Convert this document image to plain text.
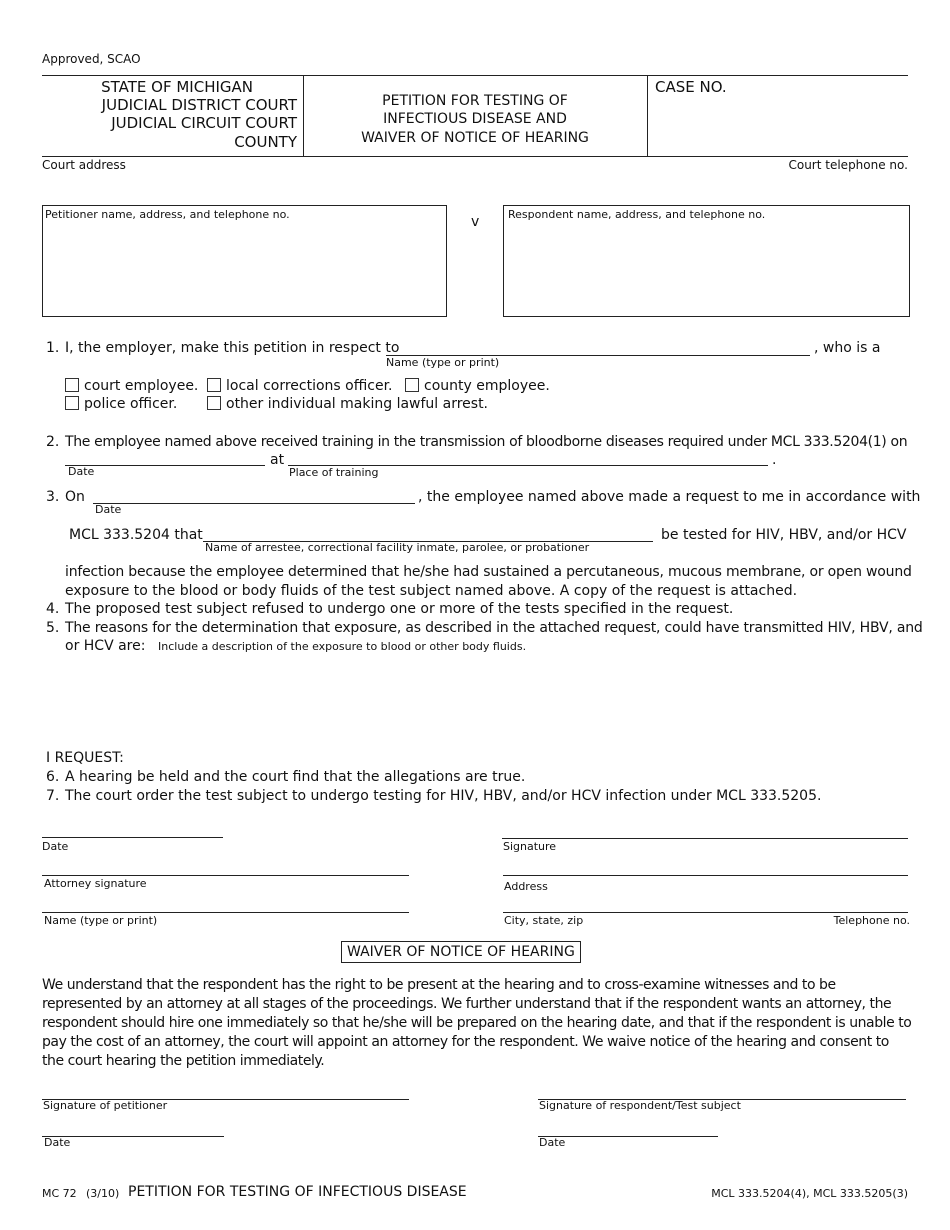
Approved, SCAO
STATE OF MICHIGAN
JUDICIAL DISTRICT COURT
JUDICIAL CIRCUIT COURT
COUNTY
PETITION FOR TESTING OF
INFECTIOUS DISEASE AND
WAIVER OF NOTICE OF HEARING
CASE NO.
Court address	Court telephone no.
Petitioner name, address, and telephone no.	v	Respondent name, address, and telephone no.
1. I, the employer, make this petition in respect to	, who is a
Name (type or print)
court employee.	local corrections officer.	county employee.
police officer.	other individual making lawful arrest.
2. The employee named above received training in the transmission of bloodborne diseases required under MCL 333.5204(1) on
at	.
Date	Place of training
3. On	, the employee named above made a request to me in accordance with
Date
MCL 333.5204 that	be tested for HIV, HBV, and/or HCV
Name of arrestee, correctional facility inmate, parolee, or probationer
infection because the employee determined that he/she had sustained a percutaneous, mucous membrane, or open wound
exposure to the blood or body fluids of the test subject named above. A copy of the request is attached.
4. The proposed test subject refused to undergo one or more of the tests specified in the request.
5. The reasons for the determination that exposure, as described in the attached request, could have transmitted HIV, HBV, and
or HCV are: Include a description of the exposure to blood or other body fluids.
I REQUEST:
6. A hearing be held and the court find that the allegations are true.
7. The court order the test subject to undergo testing for HIV, HBV, and/or HCV infection under MCL 333.5205.
Date	Signature
Attorney signature	Address
Name (type or print)	City, state, zip	Telephone no.
WAIVER OF NOTICE OF HEARING
We understand that the respondent has the right to be present at the hearing and to cross-examine witnesses and to be represented by an attorney at all stages of the proceedings. We further understand that if the respondent wants an attorney, the respondent should hire one immediately so that he/she will be prepared on the hearing date, and that if the respondent is unable to pay the cost of an attorney, the court will appoint an attorney for the respondent. We waive notice of the hearing and consent to the court hearing the petition immediately.
Signature of petitioner	Signature of respondent/Test subject
Date	Date
MC 72 (3/10) PETITION FOR TESTING OF INFECTIOUS DISEASE	MCL 333.5204(4), MCL 333.5205(3)
